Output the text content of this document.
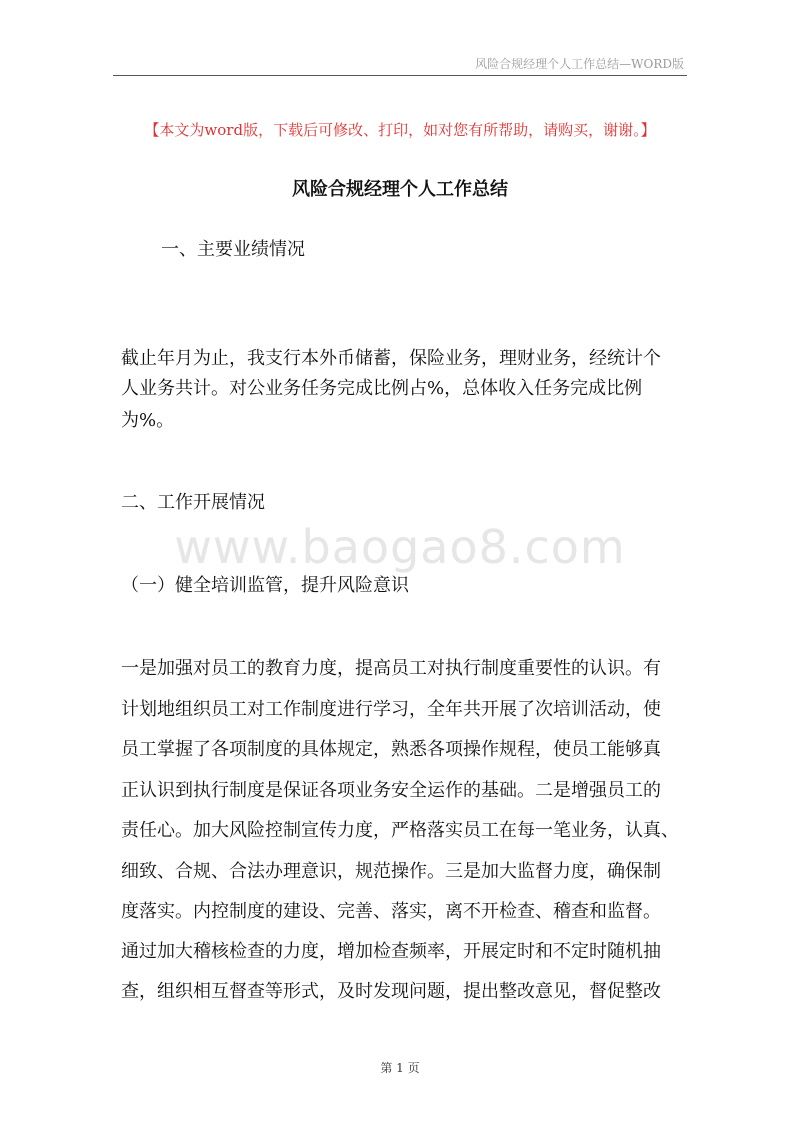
风险合规经理个人工作总结—WORD版
【本文为word版，下载后可修改、打印，如对您有所帮助，请购买，谢谢。】
风险合规经理个人工作总结

一、主要业绩情况

截止年月为止，我支行本外币储蓄，保险业务，理财业务，经统计个

人业务共计。对公业务任务完成比例占%，总体收入任务完成比例

为%。

二、工作开展情况

www.baogao8.com

（一）健全培训监管，提升风险意识

一是加强对员工的教育力度，提高员工对执行制度重要性的认识。有

计划地组织员工对工作制度进行学习，全年共开展了次培训活动，使

员工掌握了各项制度的具体规定，熟悉各项操作规程，使员工能够真

正认识到执行制度是保证各项业务安全运作的基础。二是增强员工的

责任心。加大风险控制宣传力度，严格落实员工在每一笔业务，认真、

细致、合规、合法办理意识，规范操作。三是加大监督力度，确保制

度落实。内控制度的建设、完善、落实，离不开检查、稽查和监督。

通过加大稽核检查的力度，增加检查频率，开展定时和不定时随机抽

查，组织相互督查等形式，及时发现问题，提出整改意见，督促整改

第 1 页
